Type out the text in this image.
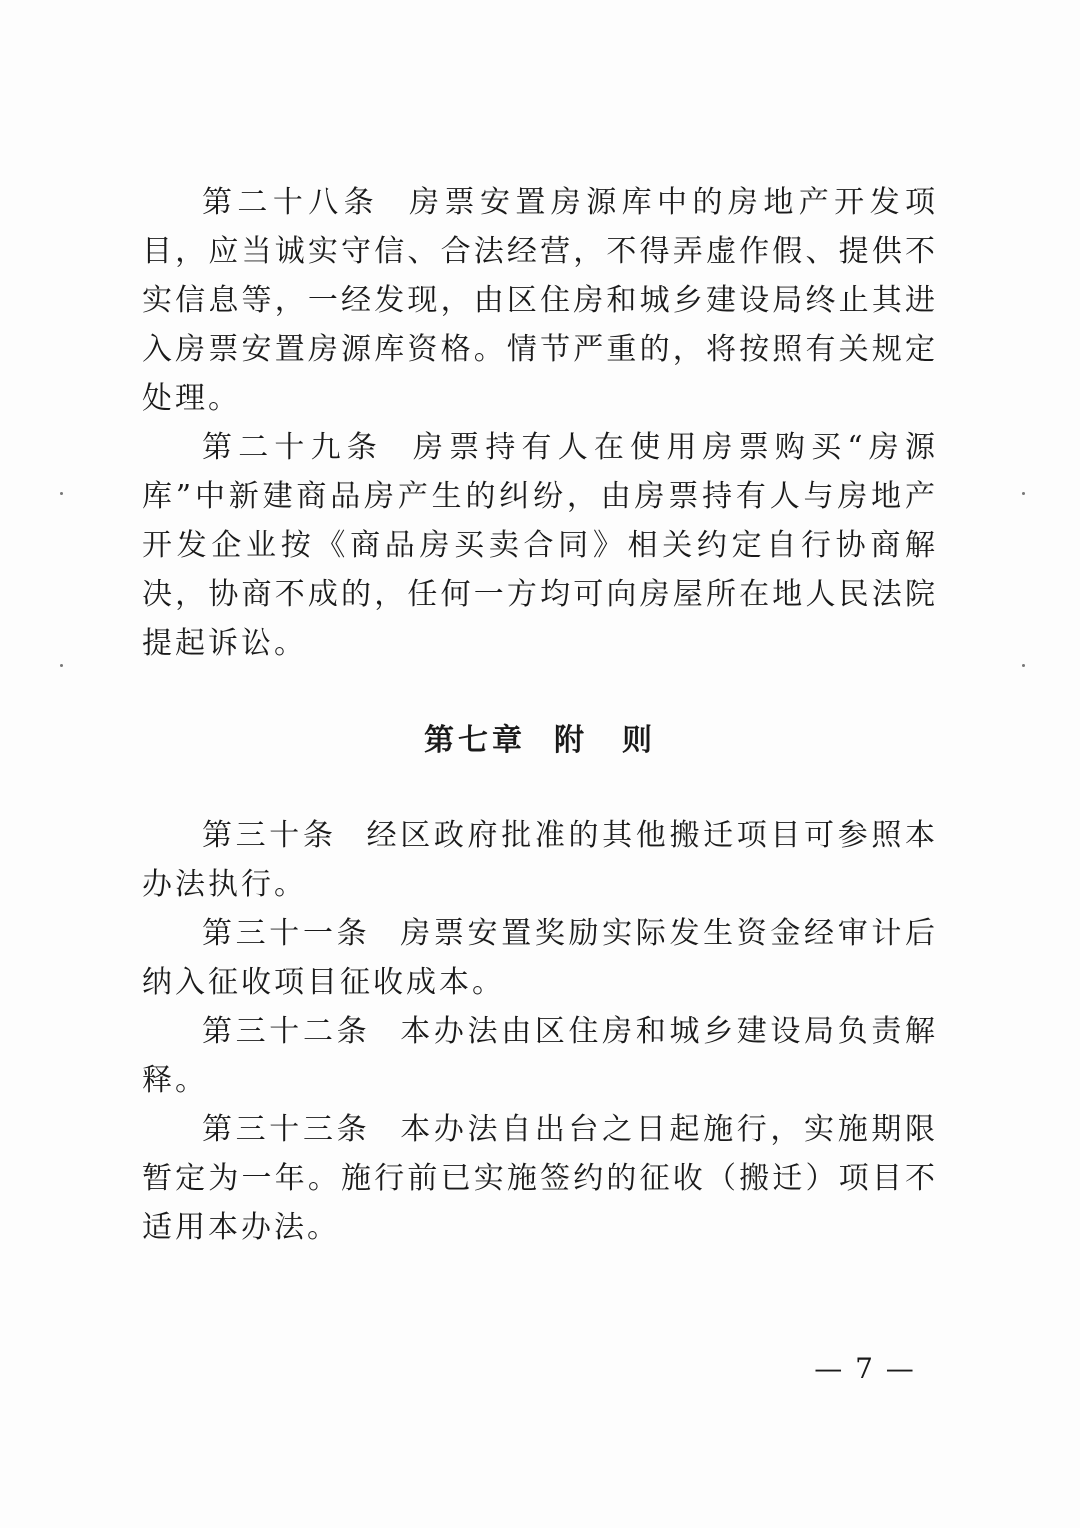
第二十八条 房票安置房源库中的房地产开发项目，应当诚实守信、合法经营，不得弄虚作假、提供不实信息等，一经发现，由区住房和城乡建设局终止其进入房票安置房源库资格。情节严重的，将按照有关规定处理。

第二十九条 房票持有人在使用房票购买“房源库”中新建商品房产生的纠纷，由房票持有人与房地产开发企业按《商品房买卖合同》相关约定自行协商解决，协商不成的，任何一方均可向房屋所在地人民法院提起诉讼。

第七章 附　则

第三十条 经区政府批准的其他搬迁项目可参照本办法执行。

第三十一条 房票安置奖励实际发生资金经审计后纳入征收项目征收成本。

第三十二条 本办法由区住房和城乡建设局负责解释。

第三十三条 本办法自出台之日起施行，实施期限暂定为一年。施行前已实施签约的征收（搬迁）项目不适用本办法。

— 7 —
